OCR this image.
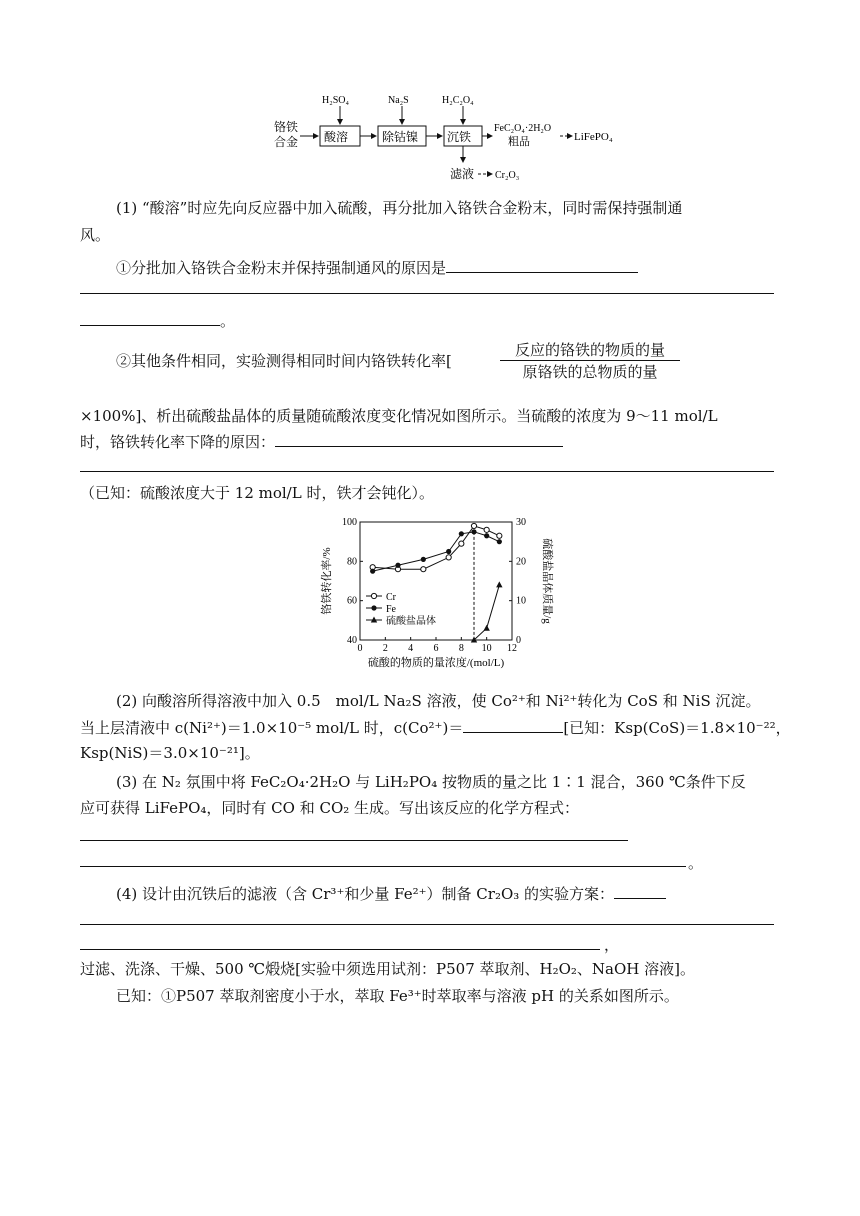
铬铁
合金 酸溶	除钴镍 沉铁
H₂SO₄	Na₂S	H₂C₂O₄
FeC₂O₄·2H₂O
粗品	LiFePO₄
滤液 Cr₂O₃
(1) “酸溶”时应先向反应器中加入硫酸，再分批加入铬铁合金粉末，同时需保持强制通
风。
①分批加入铬铁合金粉末并保持强制通风的原因是
。
②其他条件相同，实验测得相同时间内铬铁转化率[
反应的铬铁的物质的量
原铬铁的总物质的量
×100%]、析出硫酸盐晶体的质量随硫酸浓度变化情况如图所示。当硫酸的浓度为 9～11 mol/L
时，铬铁转化率下降的原因：
（已知：硫酸浓度大于 12 mol/L 时，铁才会钝化）。
0 2 4 6 8 10 12
40
60
80
100
0
10
20
30
硫酸的物质的量浓度/(mol/L)
铬铁转化率/%	硫酸盐晶体质量/g
Cr
Fe
硫酸盐晶体
(2) 向酸溶所得溶液中加入 0.5　mol/L Na₂S 溶液，使 Co²⁺和 Ni²⁺转化为 CoS 和 NiS 沉淀。
当上层清液中 c(Ni²⁺)＝1.0×10⁻⁵ mol/L 时，c(Co²⁺)＝	[已知：Ksp(CoS)＝1.8×10⁻²²，
Ksp(NiS)＝3.0×10⁻²¹]。
(3) 在 N₂ 氛围中将 FeC₂O₄·2H₂O 与 LiH₂PO₄ 按物质的量之比 1∶1 混合，360 ℃条件下反
应可获得 LiFePO₄，同时有 CO 和 CO₂ 生成。写出该反应的化学方程式：
。
(4) 设计由沉铁后的滤液（含 Cr³⁺和少量 Fe²⁺）制备 Cr₂O₃ 的实验方案：
，
过滤、洗涤、干燥、500 ℃煅烧[实验中须选用试剂：P507 萃取剂、H₂O₂、NaOH 溶液]。
已知：①P507 萃取剂密度小于水，萃取 Fe³⁺时萃取率与溶液 pH 的关系如图所示。
